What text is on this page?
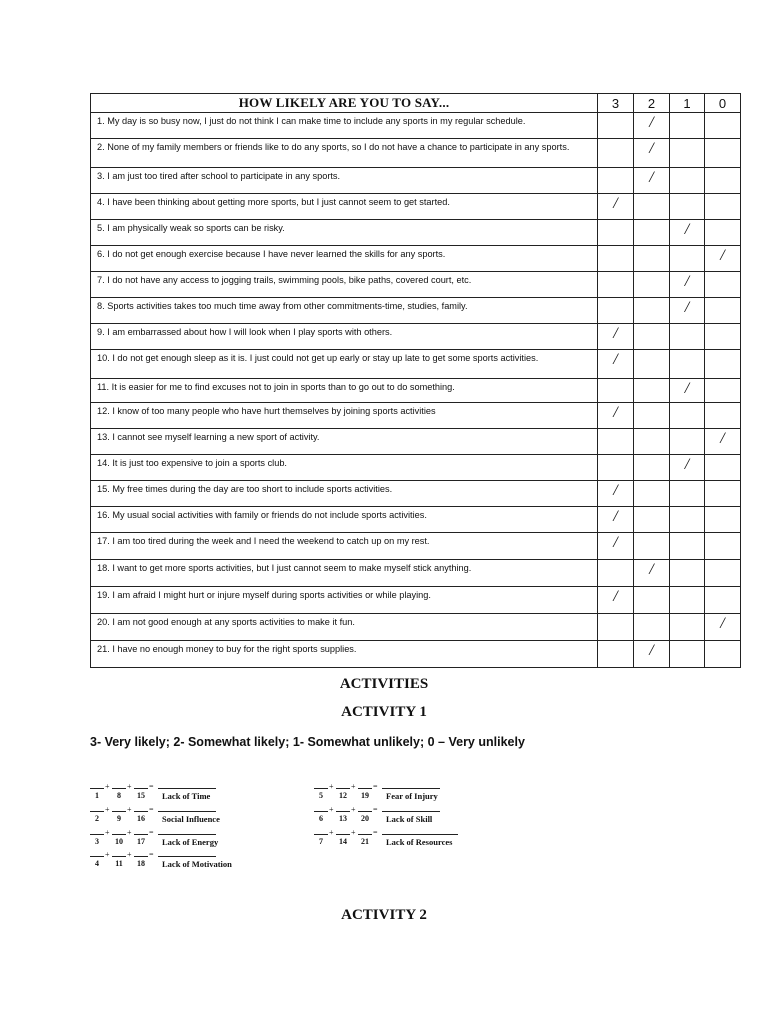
HOW LIKELY ARE YOU TO SAY...	3	2	1	0
1. My day is so busy now, I just do not think I can make time to include any sports in my regular schedule.		/		
2. None of my family members or friends like to do any sports, so I do not have a chance to participate in any sports.		/		
3. I am just too tired after school to participate in any sports.		/		
4. I have been thinking about getting more sports, but I just cannot seem to get started.	/			
5. I am physically weak so sports can be risky.			/	
6. I do not get enough exercise because I have never learned the skills for any sports.				/
7. I do not have any access to jogging trails, swimming pools, bike paths, covered court, etc.			/	
8. Sports activities takes too much time away from other commitments-time, studies, family.			/	
9. I am embarrassed about how I will look when I play sports with others.	/			
10. I do not get enough sleep as it is. I just could not get up early or stay up late to get some sports activities.	/			
11. It is easier for me to find excuses not to join in sports than to go out to do something.			/	
12. I know of too many people who have hurt themselves by joining sports activities	/			
13. I cannot see myself learning a new sport of activity.				/
14. It is just too expensive to join a sports club.			/	
15. My free times during the day are too short to include sports activities.	/			
16. My usual social activities with family or friends do not include sports activities.	/			
17. I am too tired during the week and I need the weekend to catch up on my rest.	/			
18. I want to get more sports activities, but I just cannot seem to make myself stick anything.		/		
19. I am afraid I might hurt or injure myself during sports activities or while playing.	/			
20. I am not good enough at any sports activities to make it fun.				/
21. I have no enough money to buy for the right sports supplies.		/		
ACTIVITIES
ACTIVITY 1
3- Very likely; 2- Somewhat likely; 1- Somewhat unlikely; 0 – Very unlikely
1
+
8
+
15
=
Lack of Time
2
+
9
+
16
=
Social Influence
3
+
10
+
17
=
Lack of Energy
4
+
11
+
18
=
Lack of Motivation
5
+
12
+
19
=
Fear of Injury
6
+
13
+
20
=
Lack of Skill
7
+
14
+
21
=
Lack of Resources
ACTIVITY 2
